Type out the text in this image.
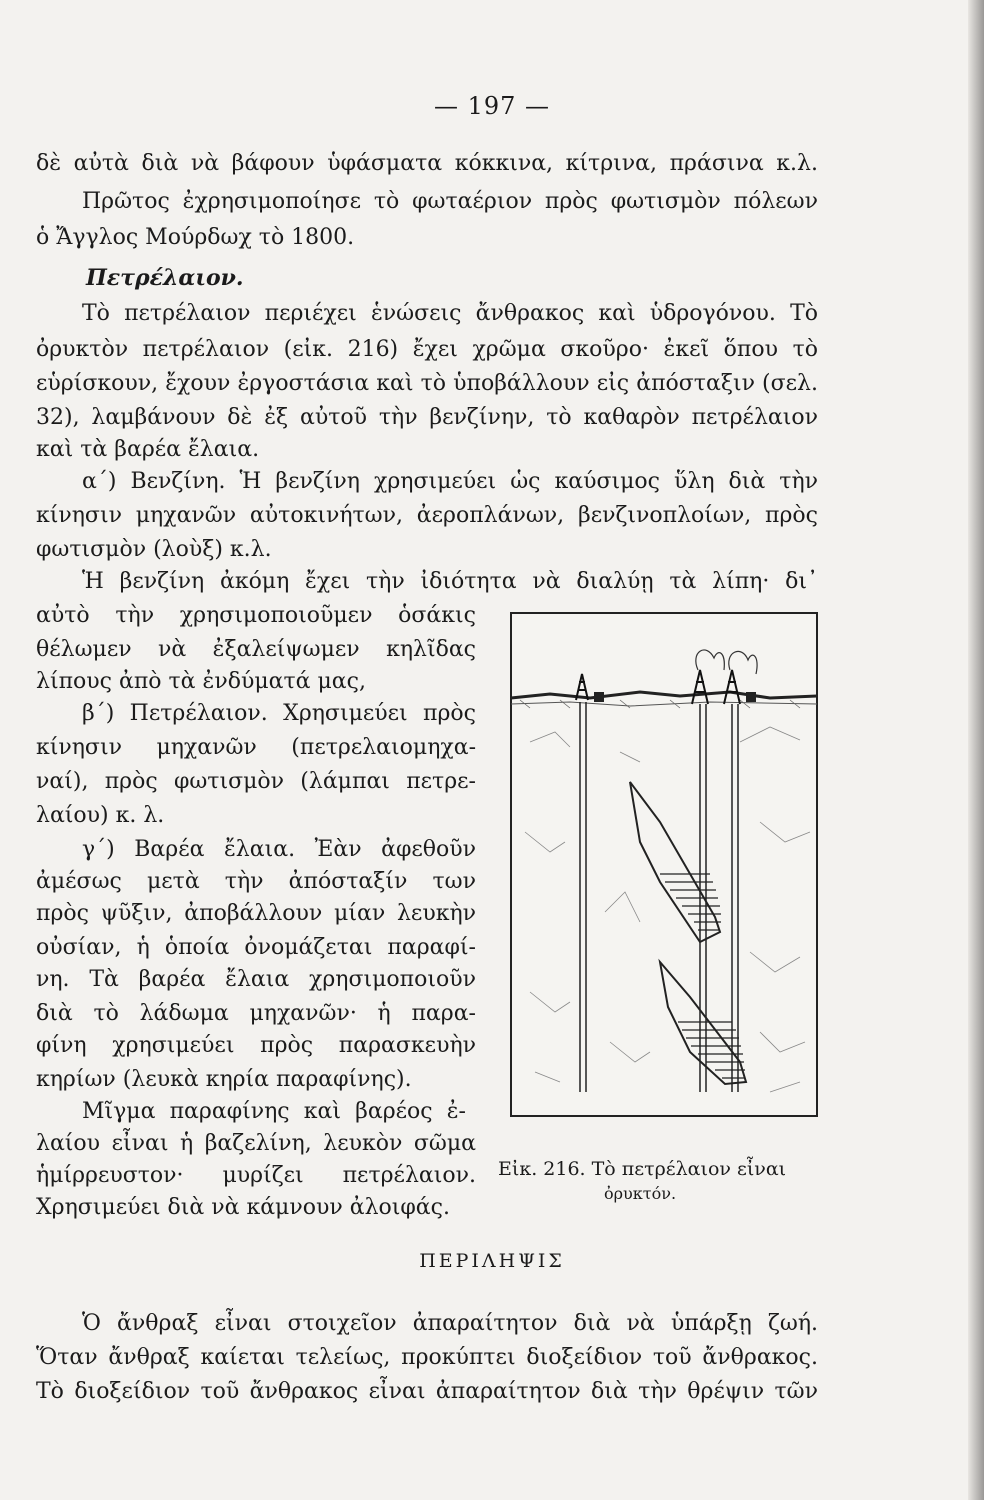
— 197 —
δὲ αὐτὰ διὰ νὰ βάφουν ὑφάσματα κόκκινα, κίτρινα, πράσινα κ.λ.
Πρῶτος ἐχρησιμοποίησε τὸ φωταέριον πρὸς φωτισμὸν πόλεων
ὁ Ἄγγλος Μούρδωχ τὸ 1800.
Πετρέλαιον.
Τὸ πετρέλαιον περιέχει ἑνώσεις ἄνθρακος καὶ ὑδρογόνου. Τὸ
ὀρυκτὸν πετρέλαιον (εἰκ. 216) ἔχει χρῶμα σκοῦρο· ἐκεῖ ὅπου τὸ
εὑρίσκουν, ἔχουν ἐργοστάσια καὶ τὸ ὑποβάλλουν εἰς ἀπόσταξιν (σελ.
32), λαμβάνουν δὲ ἐξ αὐτοῦ τὴν βενζίνην, τὸ καθαρὸν πετρέλαιον
καὶ τὰ βαρέα ἔλαια.
α΄) Βενζίνη. Ἡ βενζίνη χρησιμεύει ὡς καύσιμος ὕλη διὰ τὴν
κίνησιν μηχανῶν αὐτοκινήτων, ἀεροπλάνων, βενζινοπλοίων, πρὸς
φωτισμὸν (λοὺξ) κ.λ.
Ἡ βενζίνη ἀκόμη ἔχει τὴν ἰδιότητα νὰ διαλύῃ τὰ λίπη· δι᾽
αὐτὸ τὴν χρησιμοποιοῦμεν ὁσάκις
θέλωμεν νὰ ἐξαλείψωμεν κηλῖδας
λίπους ἀπὸ τὰ ἐνδύματά μας,
β΄) Πετρέλαιον. Χρησιμεύει πρὸς
κίνησιν μηχανῶν (πετρελαιομηχα-
ναί), πρὸς φωτισμὸν (λάμπαι πετρε-
λαίου) κ. λ.
γ΄) Βαρέα ἔλαια. Ἐὰν ἀφεθοῦν
ἀμέσως μετὰ τὴν ἀπόσταξίν των
πρὸς ψῦξιν, ἀποβάλλουν μίαν λευκὴν
οὐσίαν, ἡ ὁποία ὀνομάζεται παραφί-
νη. Τὰ βαρέα ἔλαια χρησιμοποιοῦν
διὰ τὸ λάδωμα μηχανῶν· ἡ παρα-
φίνη χρησιμεύει πρὸς παρασκευὴν
κηρίων (λευκὰ κηρία παραφίνης).
Μῖγμα παραφίνης καὶ βαρέος ἐ-
λαίου εἶναι ἡ βαζελίνη, λευκὸν σῶμα
ἡμίρρευστον· μυρίζει πετρέλαιον.
Χρησιμεύει διὰ νὰ κάμνουν ἀλοιφάς.
Εἰκ. 216. Τὸ πετρέλαιον εἶναι
ὀρυκτόν.
ΠΕΡΙΛΗΨΙΣ
Ὁ ἄνθραξ εἶναι στοιχεῖον ἀπαραίτητον διὰ νὰ ὑπάρξῃ ζωή.
Ὅταν ἄνθραξ καίεται τελείως, προκύπτει διοξείδιον τοῦ ἄνθρακος.
Τὸ διοξείδιον τοῦ ἄνθρακος εἶναι ἀπαραίτητον διὰ τὴν θρέψιν τῶν
